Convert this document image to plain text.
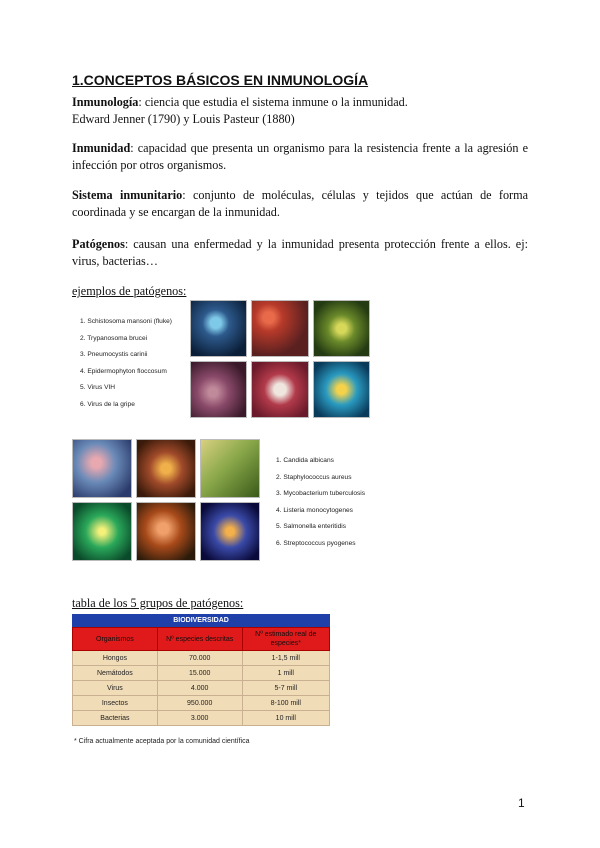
1.CONCEPTOS BÁSICOS EN INMUNOLOGÍA

Inmunología: ciencia que estudia el sistema inmune o la inmunidad.
Edward Jenner (1790) y Louis Pasteur (1880)

Inmunidad: capacidad que presenta un organismo para la resistencia frente a la agresión e infección por otros organismos.

Sistema inmunitario: conjunto de moléculas, células y tejidos que actúan de forma coordinada y se encargan de la inmunidad.

Patógenos: causan una enfermedad y la inmunidad presenta protección frente a ellos. ej: virus, bacterias…

ejemplos de patógenos:

1. Schistosoma mansoni (fluke)
2. Trypanosoma brucei
3. Pneumocystis carinii
4. Epidermophyton floccosum
5. Virus VIH
6. Virus de la gripe
1. Candida albicans
2. Staphylococcus aureus
3. Mycobacterium tuberculosis
4. Listeria monocytogenes
5. Salmonella enteritidis
6. Streptococcus pyogenes

tabla de los 5 grupos de patógenos:

BIODIVERSIDAD
Organismos	Nº especies descritas	Nº estimado real de especies*
Hongos	70.000	1-1,5 mill
Nemátodos	15.000	1 mill
Virus	4.000	5-7 mill
Insectos	950.000	8-100 mill
Bacterias	3.000	10 mill
* Cifra actualmente aceptada por la comunidad científica
1
